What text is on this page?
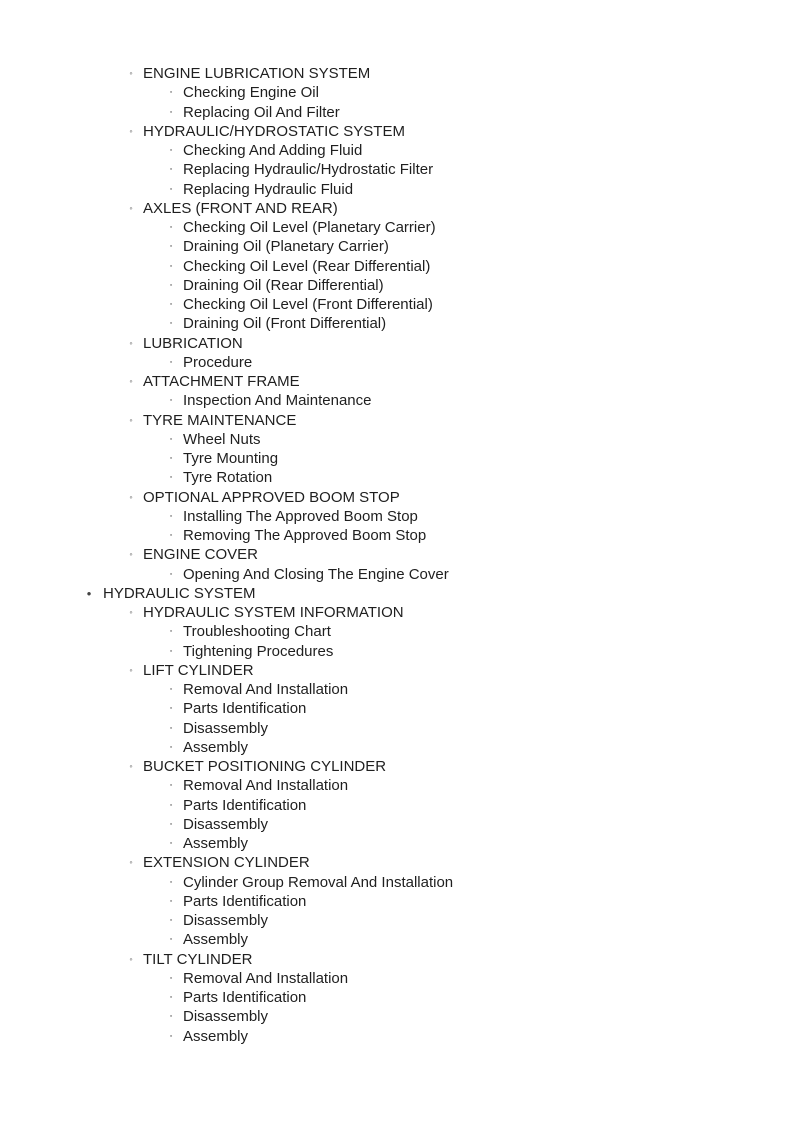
◦ ENGINE LUBRICATION SYSTEM
▫ Checking Engine Oil
▫ Replacing Oil And Filter
◦ HYDRAULIC/HYDROSTATIC SYSTEM
▫ Checking And Adding Fluid
▫ Replacing Hydraulic/Hydrostatic Filter
▫ Replacing Hydraulic Fluid
◦ AXLES (FRONT AND REAR)
▫ Checking Oil Level (Planetary Carrier)
▫ Draining Oil (Planetary Carrier)
▫ Checking Oil Level (Rear Differential)
▫ Draining Oil (Rear Differential)
▫ Checking Oil Level (Front Differential)
▫ Draining Oil (Front Differential)
◦ LUBRICATION
▫ Procedure
◦ ATTACHMENT FRAME
▫ Inspection And Maintenance
◦ TYRE MAINTENANCE
▫ Wheel Nuts
▫ Tyre Mounting
▫ Tyre Rotation
◦ OPTIONAL APPROVED BOOM STOP
▫ Installing The Approved Boom Stop
▫ Removing The Approved Boom Stop
◦ ENGINE COVER
▫ Opening And Closing The Engine Cover
• HYDRAULIC SYSTEM
◦ HYDRAULIC SYSTEM INFORMATION
▫ Troubleshooting Chart
▫ Tightening Procedures
◦ LIFT CYLINDER
▫ Removal And Installation
▫ Parts Identification
▫ Disassembly
▫ Assembly
◦ BUCKET POSITIONING CYLINDER
▫ Removal And Installation
▫ Parts Identification
▫ Disassembly
▫ Assembly
◦ EXTENSION CYLINDER
▫ Cylinder Group Removal And Installation
▫ Parts Identification
▫ Disassembly
▫ Assembly
◦ TILT CYLINDER
▫ Removal And Installation
▫ Parts Identification
▫ Disassembly
▫ Assembly
